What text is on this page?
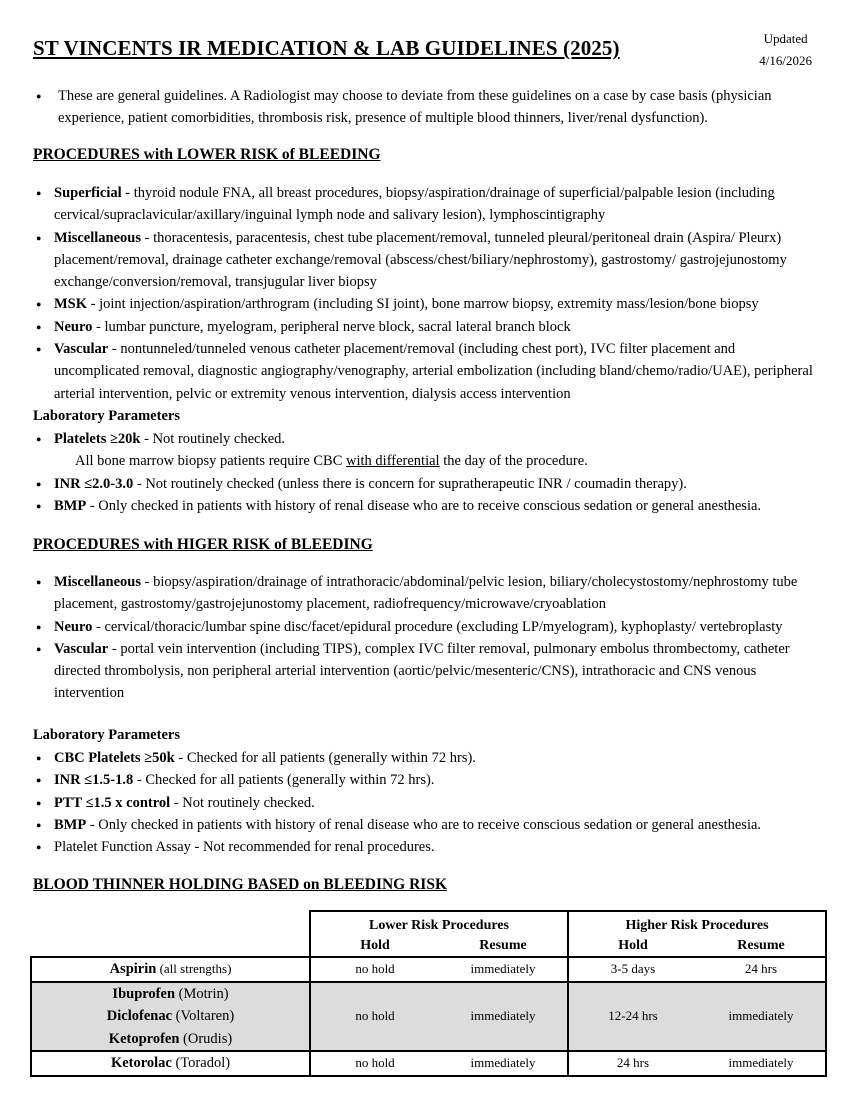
ST VINCENTS IR MEDICATION & LAB GUIDELINES (2025)	Updated
4/16/2026
● These are general guidelines. A Radiologist may choose to deviate from these guidelines on a case by case basis (physician experience, patient comorbidities, thrombosis risk, presence of multiple blood thinners, liver/renal dysfunction).
PROCEDURES with LOWER RISK of BLEEDING
● Superficial - thyroid nodule FNA, all breast procedures, biopsy/aspiration/drainage of superficial/palpable lesion (including cervical/supraclavicular/axillary/inguinal lymph node and salivary lesion), lymphoscintigraphy
● Miscellaneous - thoracentesis, paracentesis, chest tube placement/removal, tunneled pleural/peritoneal drain (Aspira/ Pleurx) placement/removal, drainage catheter exchange/removal (abscess/chest/biliary/nephrostomy), gastrostomy/ gastrojejunostomy exchange/conversion/removal, transjugular liver biopsy
● MSK - joint injection/aspiration/arthrogram (including SI joint), bone marrow biopsy, extremity mass/lesion/bone biopsy
● Neuro - lumbar puncture, myelogram, peripheral nerve block, sacral lateral branch block
● Vascular - nontunneled/tunneled venous catheter placement/removal (including chest port), IVC filter placement and uncomplicated removal, diagnostic angiography/venography, arterial embolization (including bland/chemo/radio/UAE), peripheral arterial intervention, pelvic or extremity venous intervention, dialysis access intervention
Laboratory Parameters
● Platelets ≥20k - Not routinely checked.
All bone marrow biopsy patients require CBC with differential the day of the procedure.
● INR ≤2.0-3.0 - Not routinely checked (unless there is concern for supratherapeutic INR / coumadin therapy).
● BMP - Only checked in patients with history of renal disease who are to receive conscious sedation or general anesthesia.
PROCEDURES with HIGER RISK of BLEEDING
● Miscellaneous - biopsy/aspiration/drainage of intrathoracic/abdominal/pelvic lesion, biliary/cholecystostomy/nephrostomy tube placement, gastrostomy/gastrojejunostomy placement, radiofrequency/microwave/cryoablation
● Neuro - cervical/thoracic/lumbar spine disc/facet/epidural procedure (excluding LP/myelogram), kyphoplasty/ vertebroplasty
● Vascular - portal vein intervention (including TIPS), complex IVC filter removal, pulmonary embolus thrombectomy, catheter directed thrombolysis, non peripheral arterial intervention (aortic/pelvic/mesenteric/CNS), intrathoracic and CNS venous intervention
Laboratory Parameters
● CBC Platelets ≥50k - Checked for all patients (generally within 72 hrs).
● INR ≤1.5-1.8 - Checked for all patients (generally within 72 hrs).
● PTT ≤1.5 x control - Not routinely checked.
● BMP - Only checked in patients with history of renal disease who are to receive conscious sedation or general anesthesia.
● Platelet Function Assay - Not recommended for renal procedures.
BLOOD THINNER HOLDING BASED on BLEEDING RISK
	Lower Risk Procedures		Higher Risk Procedures	
	Hold	Resume	Hold	Resume
Aspirin (all strengths)	no hold	immediately	3-5 days	24 hrs

Ibuprofen (Motrin)
Diclofenac (Voltaren)
Ketoprofen (Orudis)	no hold	immediately	12-24 hrs	immediately
Ketorolac (Toradol)	no hold	immediately	24 hrs	immediately
